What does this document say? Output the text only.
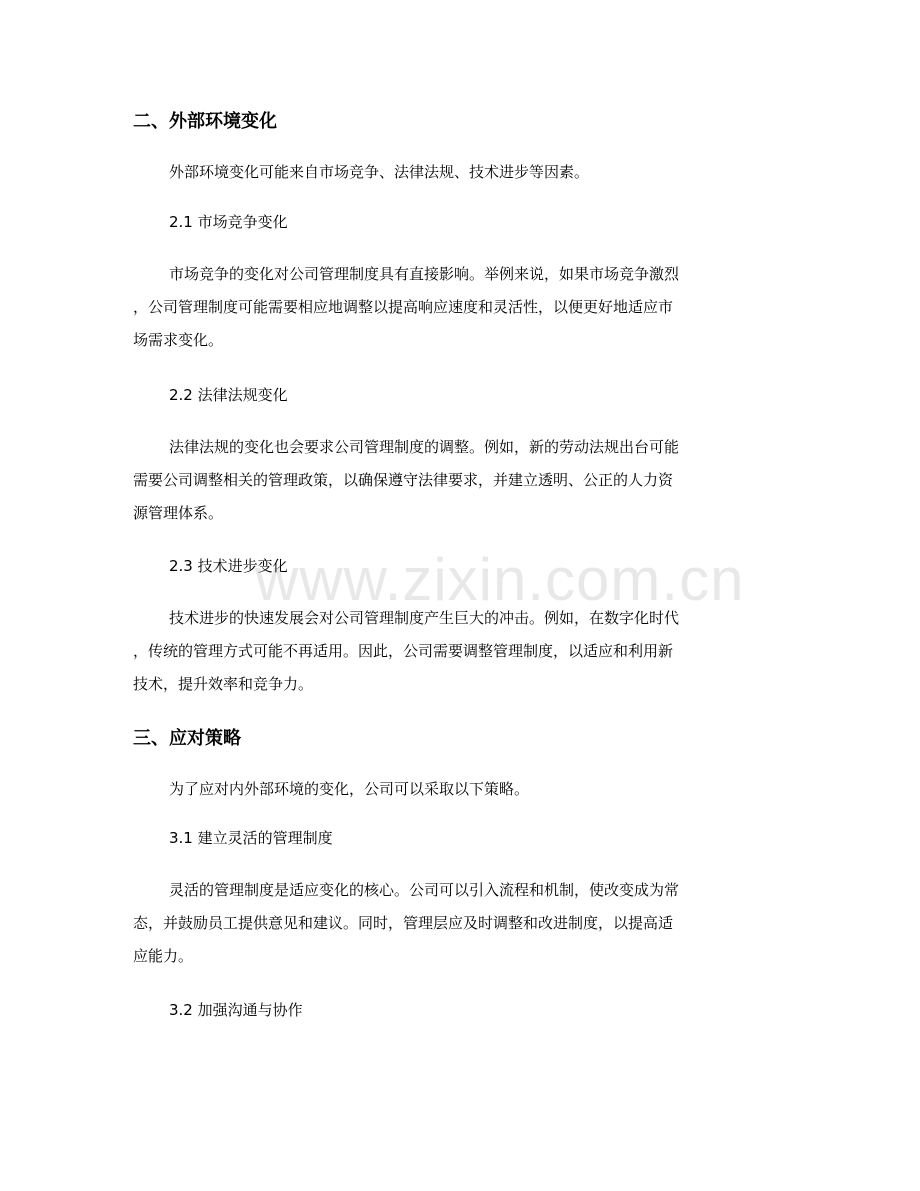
www.zixin.com.cn
二、外部环境变化
外部环境变化可能来自市场竞争、法律法规、技术进步等因素。
2.1 市场竞争变化
市场竞争的变化对公司管理制度具有直接影响。举例来说，如果市场竞争激烈
，公司管理制度可能需要相应地调整以提高响应速度和灵活性，以便更好地适应市
场需求变化。
2.2 法律法规变化
法律法规的变化也会要求公司管理制度的调整。例如，新的劳动法规出台可能
需要公司调整相关的管理政策，以确保遵守法律要求，并建立透明、公正的人力资
源管理体系。
2.3 技术进步变化
技术进步的快速发展会对公司管理制度产生巨大的冲击。例如，在数字化时代
，传统的管理方式可能不再适用。因此，公司需要调整管理制度，以适应和利用新
技术，提升效率和竞争力。
三、应对策略
为了应对内外部环境的变化，公司可以采取以下策略。
3.1 建立灵活的管理制度
灵活的管理制度是适应变化的核心。公司可以引入流程和机制，使改变成为常
态，并鼓励员工提供意见和建议。同时，管理层应及时调整和改进制度，以提高适
应能力。
3.2 加强沟通与协作
